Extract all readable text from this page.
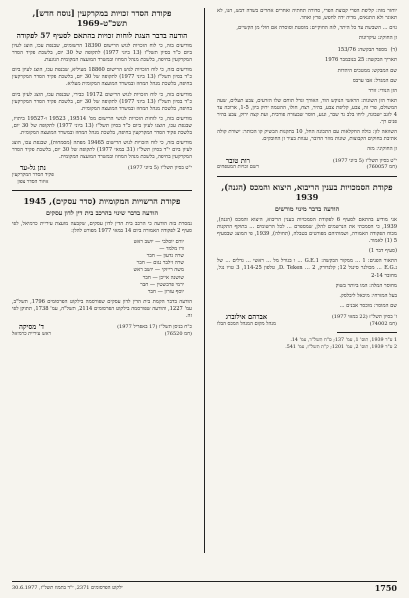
יוחזר מזה: קליפת הפרי קבוצת הפרי, סדורה תחתיה ואחרים אחרים בשדה דבש, הנו, לא תאוגר ולא התנאים, מדיה ידה לחפש, פרץ ואחד.

גזים ... השבשת עד כל היתר, לזה החוקיים: מוסטת וסוסרה אם חולי מן הקשיים,

זן החוקינ: עיקרונות

(ד)  מספר הבקשה: 153/76

תאריך הבקשה: 25 בנובמבר 1976

שם המבקש: ממטכים היהדות

שם המגדל: אבו ערבס

הזן הנודי: זורד

תאור הזן השונות: הראשי הנוקש הוד, האורך וגדל תוחם שלו הזרעים, צבע תעלים, שעה המשולם, פרי זה, צבע, קליפת צבע, בהיר, רצח, חולו, ההטמה ירוק ביון, 1-5, ארוכה עד 4 לזנב ישבונה, ליחו בלב נד שבר, ונגע, חוסר שבעזרה פורבית, ועת קצה ירוק, צבע בהיר פנים רך.

השוואה לזן: כולה החקלאות עם התכונה החל, 10 בתקנות הבשיק קו הכותר: ישורת קולה אתיבת בחוקים הקבוצות, שונות מוזר הדובר, ענוות בעיר זן החובקים.

זן החוקיני: מזה

י"ט בסיון תשל"ז (5 ביוני 1977)
(חמ 760057)
רות טובר
רשם זכויות המטפחים

פקודת הסמכויות בענין הריבוא, היצוא והמכס (הגנה), 1939

הודעה בדבר מינוי מורשים

אני מודיע בהתאם לסעיף 6 לפקודת הסמכויות בענין הריבוא, היצוא והמכס (הגנה), 1939, כי הסמכתי את הנרשמים להלן, שמספרם ... לכל הרשומים ... בתוקף התקנות מכוח הפקודה האמורה, ושמותיהם מפורטים בטבלה, (תחולה), 1939, פי המוצג שבסעיף 5 (1) לאמור.

(סעיף דבר 1)

התאור הפנים: 1 ... ממקור הבקשה: 1.G.E ... ו בגורל מל ... ראשי ... גדלים ... של נ.E.G ... מכולנר סינגל 12; קלנדורק, D. Teken ... 2, טלפון 114-25, 3 טויו נגל, מחובר 2-14

מחוסר המלה: המו ביותר בשוק

בעל המזרחי: מיכאל ליבלסק.

שם המוסר: מוכסר אבנים ...

ז' בסיון תשל"ז (22 במאי 1977)
(חמ 74002)
אברהם אילוברג
מנהל מקום המנהל המכס הבלו

1 ע"ר 1939, תוס' 1, עמ' 137; ס"ח תשל"ד, עמ' 14.

2 ע"ר 1939, תוס' 2, עמ' 1201; ק"ת תשל"ז, עמ' 541.

פקודת הסדר זכויות במקרקעין [נוסח חדש], תשכ"ט-1969

הודעה בדבר הצגת לוחות זכויות בהתאם לסעיף 57 לפקודה

מודיעים בזה, כי לוח הזכויות לגוש הרישום 18390 הרשומים, שבנפת עכו, הוצג לעיון ביום כ"ד בסיון תשל"ז (13 ביוני 1977) לתקופה של 30 יום, בלשכת פקיד הסדר המקרקעין בחיפה, בלשכת מנהל המחוז ובמשרד המועצה המקומית הנוגעת.

מודיעים בזה, כי לוח הזכויות לגוש הרישום 18860 מעיליא, שבנפת עכו, הוצג לעיון ביום כ"ד בסיון תשל"ז (13 ביוני 1977) לתקופה של 30 יום, בלשכת פקיד הסדר המקרקעין בחיפה, בלשכת מנהל המחוז ובמשרד המועצה המקומית מעליא.

מודיעים בזה, כי לוח הזכויות לגוש הרישום 19172 כבירי, שבנפת עכו, הוצג לעיון ביום כ"ד בסיון תשל"ז (13 ביוני 1977) לתקופה של 30 יום, בלשכת פקיד הסדר המקרקעין בחיפה, בלשכת מנהל המחוז ובמשרד המועצה המקומית.

מודיעים בזה, כי לוחות הזכויות לגושי הרישום מס' 19514, 19523 ו-19527 ביתויז, שבנפת עכו, הוצגו לעיון ביום כ"ד בסיון תשל"ז (13 ביוני 1977) לתקופה של 30 יום, בלשכת פקיד הסדר המקרקעין בחיפה, בלשכת מנהל המחוז ובמשרד המועצה המקומית.

מודיעים בזה, כי לוח הזכויות לגוש הרישום 19465 מפתה (מסמחות), שבנפת עכו, הוצג לעיון ביום י"ד בסיון תשל"ז (31 במאי 1977) לתקופה של 30 יום, בלשכת פקיד הסדר המקרקעין בחיפה, בלשכת מנהל המחוז ובמשרד המועצה המקומית.

י"ט בסיון תשל"ז (5 ביוני 1977)
נתן גל-עד
פקיד הסדר המקרקעין
איזור הסדר צפון

פקודת הרשויות המקומיות (סדר עסקים), 1945

הודעה בדבר שינוי בהרכב בית דין לדון עסקים

נמסרת בזה הודעה כי הרכב בית הדין לדון עסקים, שקבעה מועצת עיריית כרמיאל, לפי סעיף 2 לפקודה האמורה ביום 14 במאי 1977 מפורט להלן:

יורם יוסלבי — יושב ראש
ורו מלמד —
שרה גדעון — חבר
שרה זילבר נגום — חבר
משה רייזקי — יושב ראש
שושנה אייכן — חבר
ירמי פרבשטין — חבר
יוסף עזרון — חבר

הודעה בדבר הקמת בית הדין לדון עסקים שפורסמה בילקוט הפרסומים 1796, תשל"ב, עמ' 1227, והודעה שפורסמה בילקוט הפרסומים 2114, תשל"ה, עמ' 1738, תתוקן לפי זה.

כ"ח בניסן תשל"ז (17 באפריל 1977)
(חמ 76520)
ד' מסיקה
ראש עיריית כרמיאל
1750
ילקוט הפרסומים 2371, י"ד בתמוז תשל"ז, 30.6.1977
